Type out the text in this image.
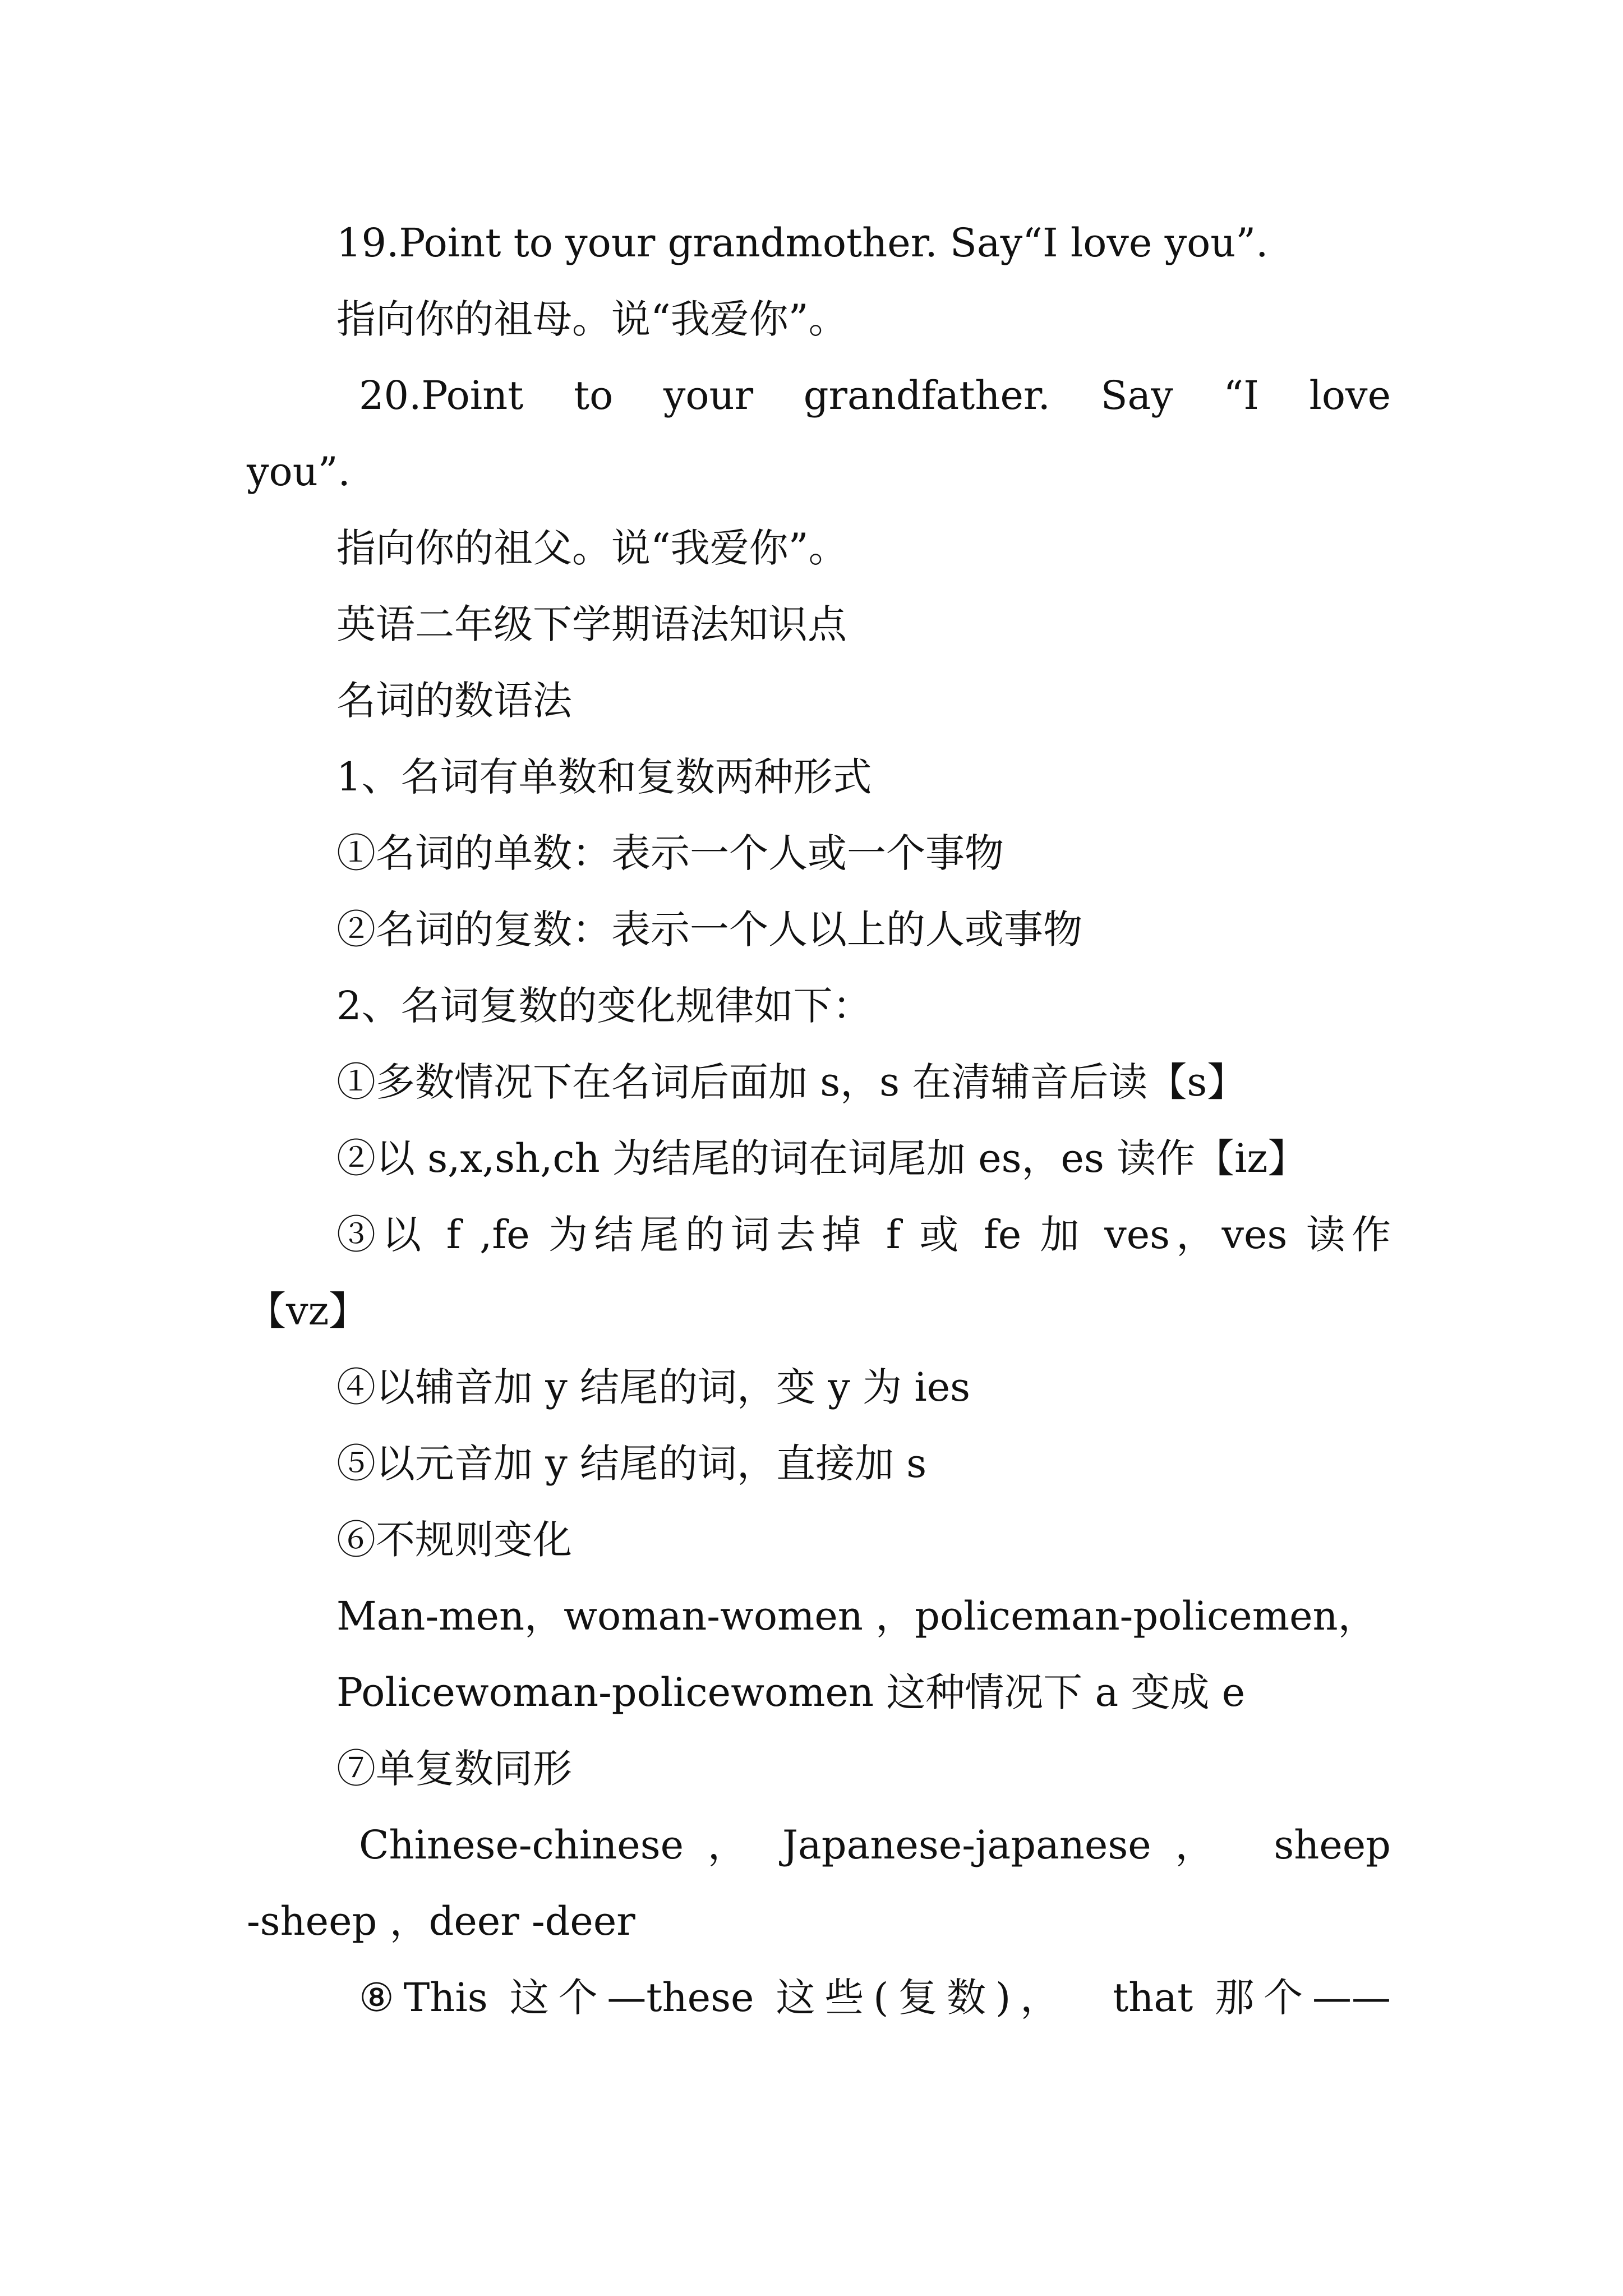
19.Point to your grandmother. Say“I love you”.
指向你的祖母。说“我爱你”。
20.Point to your grandfather. Say “I love
you”.
指向你的祖父。说“我爱你”。
英语二年级下学期语法知识点
名词的数语法
1、名词有单数和复数两种形式
①名词的单数：表示一个人或一个事物
②名词的复数：表示一个人以上的人或事物
2、名词复数的变化规律如下：
①多数情况下在名词后面加 s，s 在清辅音后读【s】
②以 s,x,sh,ch 为结尾的词在词尾加 es，es 读作【iz】
③以 f ,fe 为结尾的词去掉 f 或 fe 加 ves，ves 读作
【vz】
④以辅音加 y 结尾的词，变 y 为 ies
⑤以元音加 y 结尾的词，直接加 s
⑥不规则变化
Man-men，woman-women ，policeman-policemen，
Policewoman-policewomen 这种情况下 a 变成 e
⑦单复数同形
Chinese-chinese ， Japanese-japanese ，  sheep
-sheep ，deer -deer
⑧This 这个—these 这些(复数)，  that 那个——
